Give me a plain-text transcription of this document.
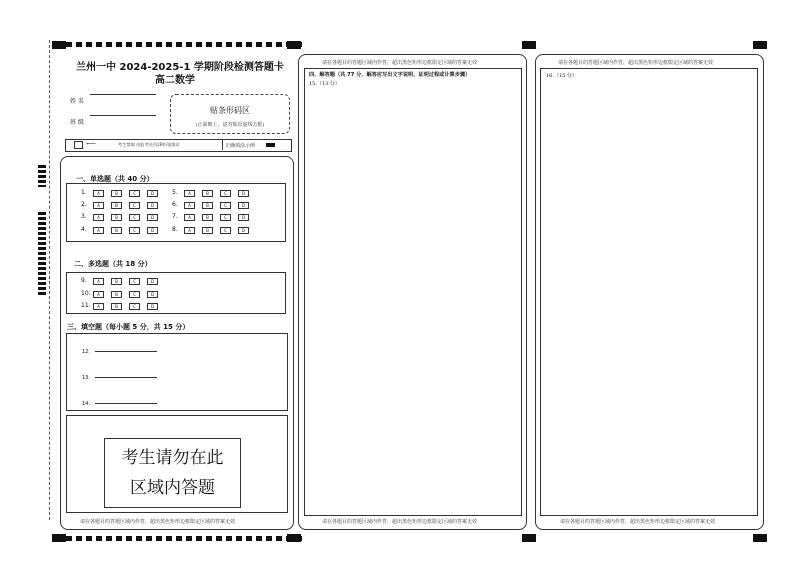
兰州一中 2024-2025-1 学期阶段检测答题卡
高二数学
姓 名
班 级
贴条形码区
(正面朝上，请勿贴出虚线方框)
⟵	考生禁填 由监考员用2B铅笔填涂	正确填涂示例
一、单选题（共 40 分）
1.	A	B	C	D
2.	A	B	C	D
3.	A	B	C	D
4.	A	B	C	D
5.	A	B	C	D
6.	A	B	C	D
7.	A	B	C	D
8.	A	B	C	D
二、多选题（共 18 分）
9.	A	B	C	D
10.	A	B	C	D
11.	A	B	C	D
三、填空题（每小题 5 分，共 15 分）
12．
13．
14．
考生请勿在此
区域内答题
请在各题目的答题区域内作答，超出黑色矩形边框限定区域的答案无效
请在各题目的答题区域内作答，超出黑色矩形边框限定区域的答案无效
四、解答题（共 77 分，解答应写出文字说明、证明过程或计算步骤）
15.（13 分）
请在各题目的答题区域内作答，超出黑色矩形边框限定区域的答案无效
请在各题目的答题区域内作答，超出黑色矩形边框限定区域的答案无效
16.（15 分）
请在各题目的答题区域内作答，超出黑色矩形边框限定区域的答案无效
